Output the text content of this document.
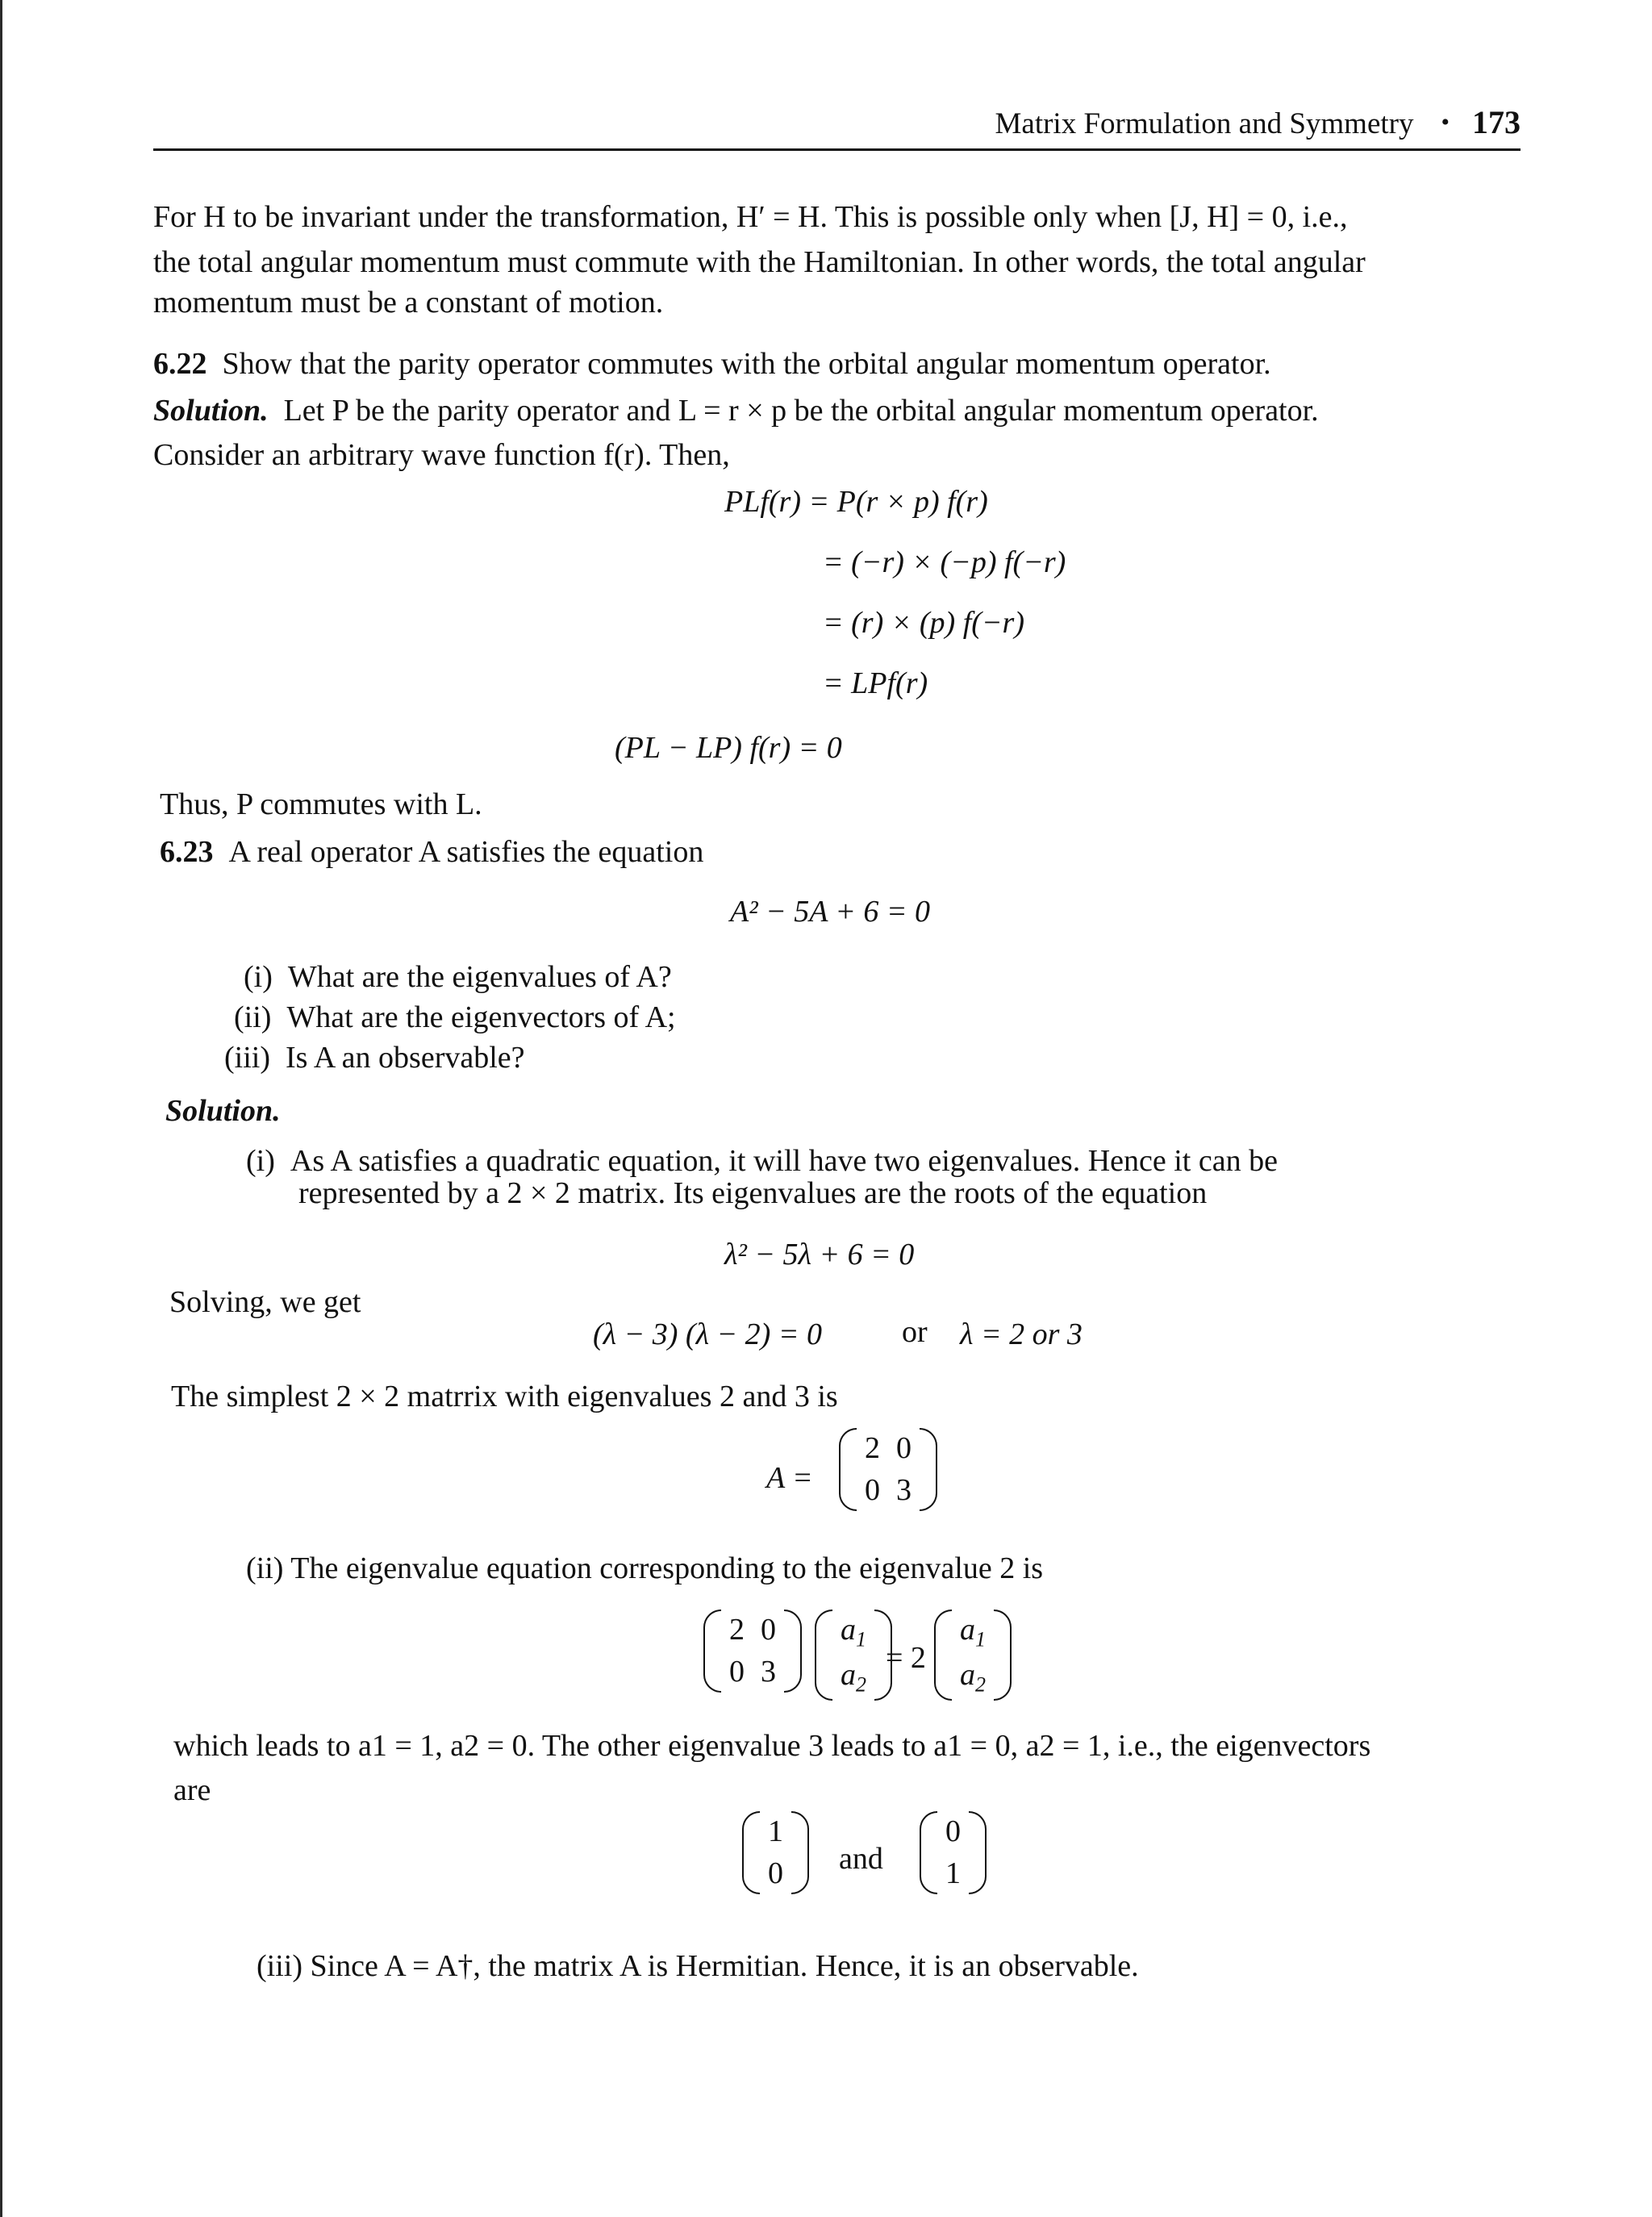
Matrix Formulation and Symmetry • 173
For H to be invariant under the transformation, H′ = H. This is possible only when [J, H] = 0, i.e.,
the total angular momentum must commute with the Hamiltonian. In other words, the total angular
momentum must be a constant of motion.
6.22 Show that the parity operator commutes with the orbital angular momentum operator.
Solution. Let P be the parity operator and L = r × p be the orbital angular momentum operator.
Consider an arbitrary wave function f(r). Then,
PLf(r) = P(r × p) f(r)
= (−r) × (−p) f(−r)
= (r) × (p) f(−r)
= LPf(r)
(PL − LP) f(r) = 0
Thus, P commutes with L.
6.23 A real operator A satisfies the equation
A² − 5A + 6 = 0
(i) What are the eigenvalues of A?
(ii) What are the eigenvectors of A;
(iii) Is A an observable?
Solution.
(i) As A satisfies a quadratic equation, it will have two eigenvalues. Hence it can be
represented by a 2 × 2 matrix. Its eigenvalues are the roots of the equation
λ² − 5λ + 6 = 0
Solving, we get
(λ − 3) (λ − 2) = 0	or λ = 2 or 3
The simplest 2 × 2 matrrix with eigenvalues 2 and 3 is
A =
2	0
0	3
(ii) The eigenvalue equation corresponding to the eigenvalue 2 is
2	0
0	3
$a_1$
$a_2$
= 2
$a_1$
$a_2$
which leads to a1 = 1, a2 = 0. The other eigenvalue 3 leads to a1 = 0, a2 = 1, i.e., the eigenvectors
are
1
0 and
0
1
(iii) Since A = A†, the matrix A is Hermitian. Hence, it is an observable.
